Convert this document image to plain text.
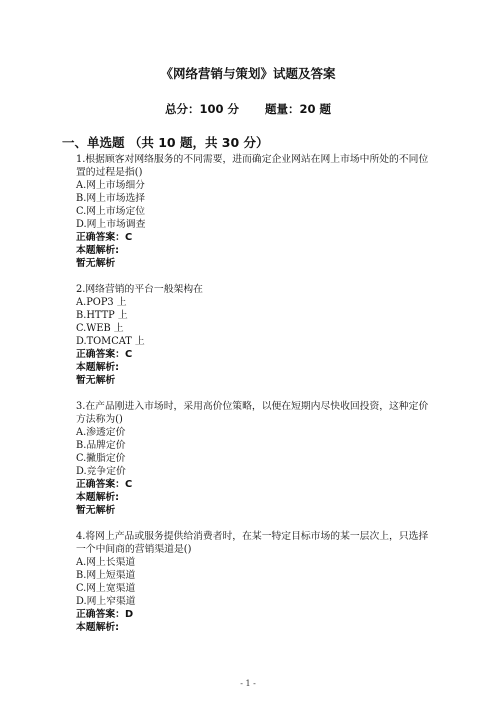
《网络营销与策划》试题及答案
总分：100 分 题量：20 题
一、单选题 （共 10 题，共 30 分）
1.根据顾客对网络服务的不同需要，进而确定企业网站在网上市场中所处的不同位置的过程是指()
A.网上市场细分
B.网上市场选择
C.网上市场定位
D.网上市场调查
正确答案：C
本题解析:
暂无解析
2.网络营销的平台一般架构在
A.POP3 上
B.HTTP 上
C.WEB 上
D.TOMCAT 上
正确答案：C
本题解析:
暂无解析
3.在产品刚进入市场时，采用高价位策略，以便在短期内尽快收回投资，这种定价方法称为()
A.渗透定价
B.品牌定价
C.撇脂定价
D.竞争定价
正确答案：C
本题解析:
暂无解析
4.将网上产品或服务提供给消费者时，在某一特定目标市场的某一层次上，只选择一个中间商的营销渠道是()
A.网上长渠道
B.网上短渠道
C.网上宽渠道
D.网上窄渠道
正确答案：D
本题解析:
- 1 -
